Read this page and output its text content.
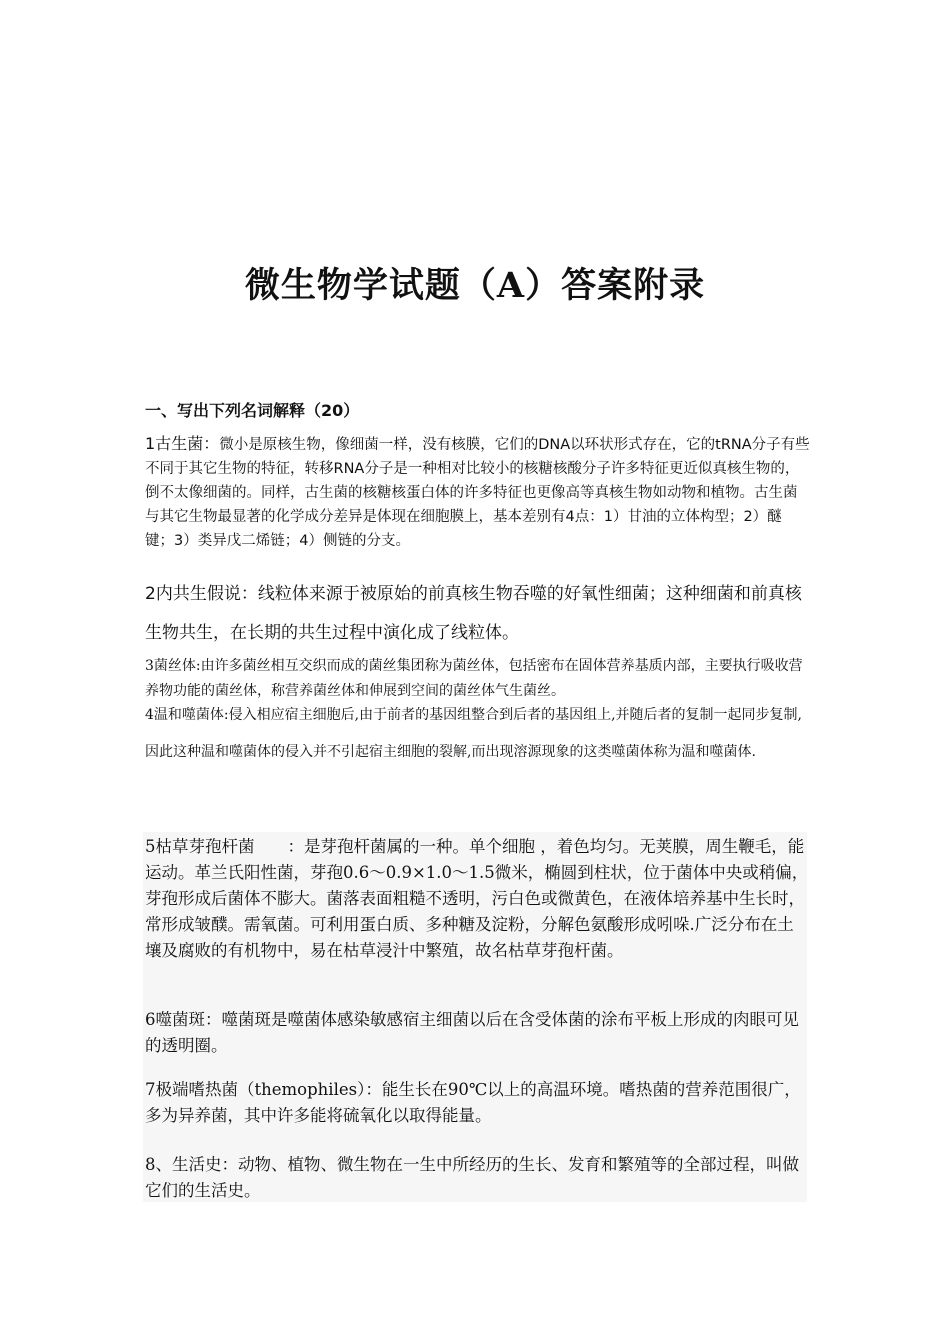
微生物学试题（A）答案附录
一、写出下列名词解释（20）
1古生菌：微小是原核生物，像细菌一样，没有核膜，它们的DNA以环状形式存在，它的tRNA分子有些不同于其它生物的特征，转移RNA分子是一种相对比较小的核糖核酸分子许多特征更近似真核生物的，倒不太像细菌的。同样，古生菌的核糖核蛋白体的许多特征也更像高等真核生物如动物和植物。古生菌与其它生物最显著的化学成分差异是体现在细胞膜上，基本差别有4点：1）甘油的立体构型；2）醚键；3）类异戊二烯链；4）侧链的分支。
2内共生假说：线粒体来源于被原始的前真核生物吞噬的好氧性细菌；这种细菌和前真核生物共生，在长期的共生过程中演化成了线粒体。
3菌丝体:由许多菌丝相互交织而成的菌丝集团称为菌丝体，包括密布在固体营养基质内部，主要执行吸收营养物功能的菌丝体，称营养菌丝体和伸展到空间的菌丝体气生菌丝。
4温和噬菌体:侵入相应宿主细胞后,由于前者的基因组整合到后者的基因组上,并随后者的复制一起同步复制,因此这种温和噬菌体的侵入并不引起宿主细胞的裂解,而出现溶源现象的这类噬菌体称为温和噬菌体.
5枯草芽孢杆菌　　：是芽孢杆菌属的一种。单个细胞 ，着色均匀。无荚膜，周生鞭毛，能运动。革兰氏阳性菌，芽孢0.6～0.9×1.0～1.5微米，椭圆到柱状，位于菌体中央或稍偏，芽孢形成后菌体不膨大。菌落表面粗糙不透明，污白色或微黄色，在液体培养基中生长时，常形成皱醭。需氧菌。可利用蛋白质、多种糖及淀粉，分解色氨酸形成吲哚.广泛分布在土壤及腐败的有机物中，易在枯草浸汁中繁殖，故名枯草芽孢杆菌。
6噬菌斑：噬菌斑是噬菌体感染敏感宿主细菌以后在含受体菌的涂布平板上形成的肉眼可见的透明圈。
7极端嗜热菌（themophiles）：能生长在90℃以上的高温环境。嗜热菌的营养范围很广，多为异养菌，其中许多能将硫氧化以取得能量。
8、生活史：动物、植物、微生物在一生中所经历的生长、发育和繁殖等的全部过程，叫做它们的生活史。
